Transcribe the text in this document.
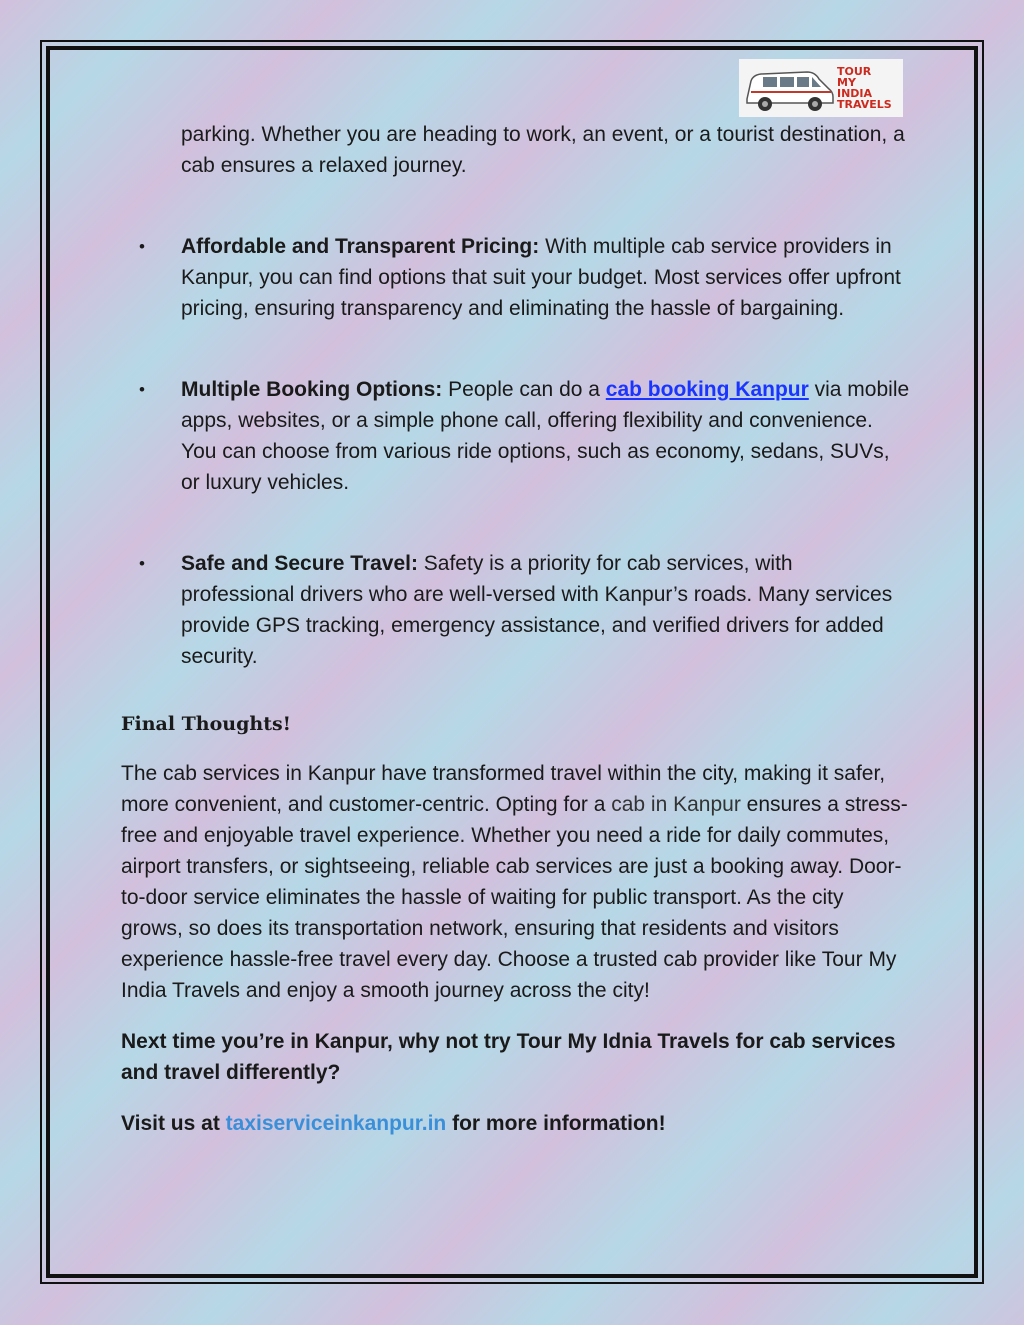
TOUR
MY
INDIA
TRAVELS

parking. Whether you are heading to work, an event, or a tourist destination, a cab ensures a relaxed journey.

• Affordable and Transparent Pricing: With multiple cab service providers in Kanpur, you can find options that suit your budget. Most services offer upfront pricing, ensuring transparency and eliminating the hassle of bargaining.
• Multiple Booking Options: People can do a cab booking Kanpur via mobile apps, websites, or a simple phone call, offering flexibility and convenience. You can choose from various ride options, such as economy, sedans, SUVs, or luxury vehicles.
• Safe and Secure Travel: Safety is a priority for cab services, with professional drivers who are well-versed with Kanpur’s roads. Many services provide GPS tracking, emergency assistance, and verified drivers for added security.
Final Thoughts!

The cab services in Kanpur have transformed travel within the city, making it safer, more convenient, and customer-centric. Opting for a cab in Kanpur ensures a stress-free and enjoyable travel experience. Whether you need a ride for daily commutes, airport transfers, or sightseeing, reliable cab services are just a booking away. Door-to-door service eliminates the hassle of waiting for public transport. As the city grows, so does its transportation network, ensuring that residents and visitors experience hassle-free travel every day. Choose a trusted cab provider like Tour My India Travels and enjoy a smooth journey across the city!

Next time you’re in Kanpur, why not try Tour My Idnia Travels for cab services and travel differently?

Visit us at taxiserviceinkanpur.in for more information!
